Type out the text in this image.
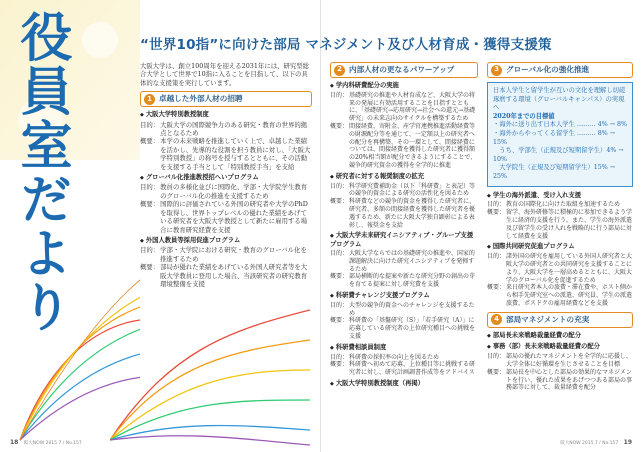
役員室だより	“世界10指”に向けた部局 マネジメント及び人材育成・獲得支援策

大阪大学は、創立100周年を迎える2031年には、研究型総合大学として世界で10指に入ることを目指して、以下の具体的な支援策を実行しています。

1 卓越した外部人材の招聘
◆ 大阪大学特別教授制度
目的： 大阪大学の国際競争力のある研究・教育の世界的拠点となるため
概要： 本学の未来戦略を推進していく上で、卓越した業績を活かし、先導的な役割を担う教員に対し、「大阪大学特別教授」の称号を授与するとともに、その活動を支援する手当として「特別教授手当」を支給
◆ グローバル化推進教授招へいプログラム
目的： 教員の多様化並びに国際化、学部・大学院学生教育のグローバル化の推進を支援するため
概要： 国際的に評価されている外国の研究者や大学のPhDを取得し、世界トップレベルの優れた業績をあげている研究者を大阪大学教授として新たに雇用する場合に教育研究経費を支援
◆ 外国人教員等採用促進プログラム
目的： 学部・大学院における研究・教育のグローバル化を推進するため
概要： 部局が優れた業績をあげている外国人研究者等を大阪大学教員に登用した場合、当該研究者の研究教育環境整備を支援
2 内部人材の更なるパワーアップ
◆ 学内科研費配分の実施
目的： 基礎研究の推進や人材育成など、大阪大学の将来の発展に有効活用することを目指すとともに、「基礎研究→応用研究→社会への還元→基礎研究」の未来志向のサイクルを構築するため
概要： 間接経費、寄附金、産学官連携推進活動経費等の財源配分等を通じて、一定額以上の研究者への配分を再構築、その一環として、間接経費については、間接経費を獲得した研究者に獲得額の20%相当額が配分できるようにすることで、競争的研究資金の獲得を全学的に推進
◆ 研究者に対する報奨制度の拡充
目的： 科学研究費補助金（以下「科研費」と表記）等の競争的資金による研究の活性化を図るため
概要： 科研費などの競争的資金を獲得した研究者に、研究者、多額の間接経費を獲得した研究者を優遇するため、新たに大阪大学独自顕彰による表彰し、報奨金を支給
◆ 大阪大学未来研究イニシアティブ・グループ支援プログラム
目的： 大阪大学ならではの基礎研究の推進や、国家的課題解決に向けた研究イニシアティブを発揮するため
概要： 部局横断的な提案や新たな研究分野の創出の芽を育てる提案に対し研究費を支援
◆ 科研費チャレンジ支援プログラム
目的： 大型の競争的資金へのチャレンジを支援するため
概要： 科研費の「基盤研究（S）」「若手研究（A）」に応募している研究者の上位研究種目への挑戦を支援
◆ 科研費相談員制度
目的： 科研費の採択率の向上を図るため
概要： 科研費へ初めて応募、上位種目等に挑戦する研究者に対し、研究計画調書作成等をアドバイス
◆ 大阪大学特別教授制度（再掲）
3 グローバル化の強化推進
日本人学生と留学生が互いの文化を理解し切磋琢磨する環境（グローバルキャンパス）の実現へ
2020年までの目標値
・海外に送り出す日本人学生 ……… 4% → 8%
・海外からやってくる留学生 ……… 8% → 15%
　うち、学部生（正規及び短期留学生）4% → 10%
　大学院生（正規及び短期留学生）15% → 25%
◆ 学生の海外派遣、受け入れ支援
目的： 教育の国際化に向けた取組を加速するため
概要： 留学、海外研修等に積極的に参加できるよう学生に経済的支援を行う。また、学生の海外派遣及び留学生の受け入れを戦略的に行う部局に対して経費を支援
◆ 国際共同研究促進プログラム
目的： 諸外国の研究を雇用している外国人研究者と大阪大学の研究者との共同研究を支援することにより、大阪大学を一層高めるとともに、大阪大学のグローバル化を促進するため
概要： 来日研究者本人の旅費・滞在費や、ホスト側から相手先研究室への派遣、研究員、学生の派遣旅費、ポスドクの雇用経費などを支援
4 部局マネジメントの充実
◆ 部局長未来戦略裁量経費の配分
◆ 事務（部）長未来戦略裁量経費の配分
目的： 部局の優れたマネジメントを全学的に応援し、大学全体に好循環を生じさせることを目標
概要： 部局長を中心とした部局の効果的なマネジメントを行い、優れた成果をあげつつある部局の事務部等に対して、裁量経費を配分
18 阪大NOW 2015.7 / No.157	阪大NOW 2015.7 / No.157 19
